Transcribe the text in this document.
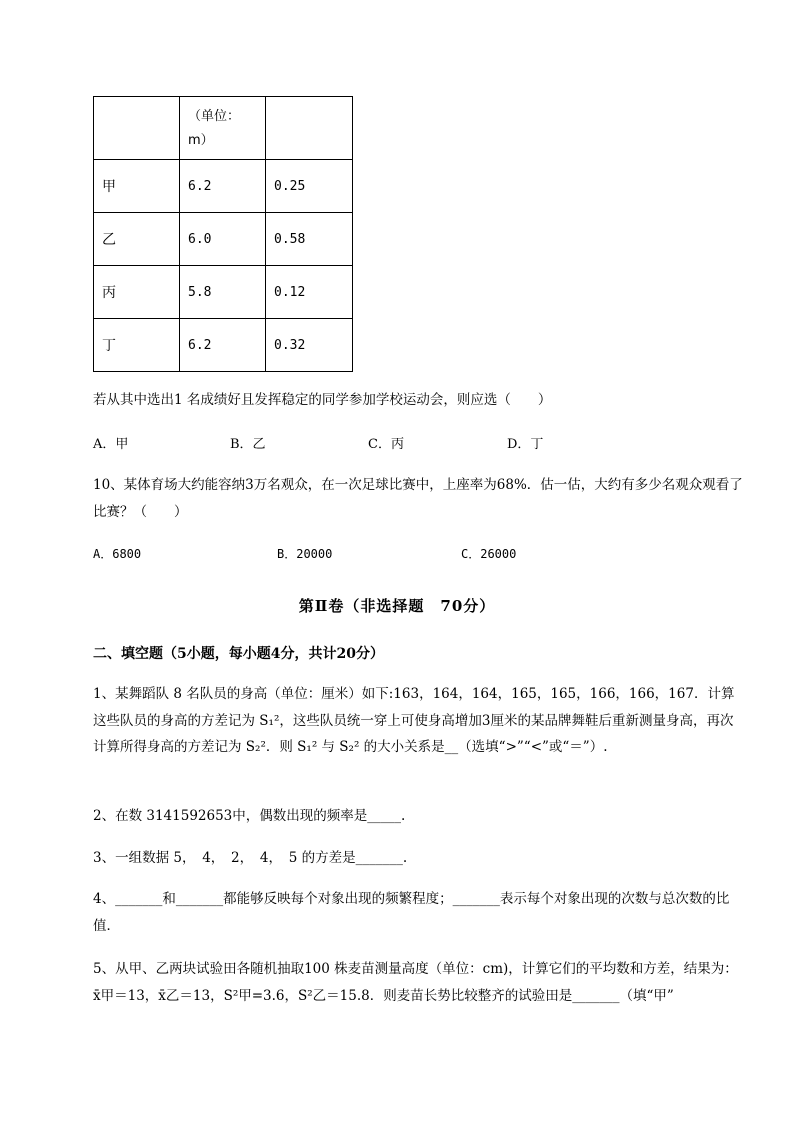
	（单位：m）	
甲	6.2	0.25
乙	6.0	0.58
丙	5.8	0.12
丁	6.2	0.32
若从其中选出1 名成绩好且发挥稳定的同学参加学校运动会，则应选（　　）
A．甲	B．乙	C．丙	D．丁
10、某体育场大约能容纳3万名观众，在一次足球比赛中，上座率为68%．估一估，大约有多少名观众观看了比赛？（　　）
A．6800	B．20000	C．26000
第Ⅱ卷（非选择题　70分）
二、填空题（5小题，每小题4分，共计20分）
1、某舞蹈队 8 名队员的身高（单位：厘米）如下:163，164，164，165，165，166，166，167．计算这些队员的身高的方差记为 S₁²，这些队员统一穿上可使身高增加3厘米的某品牌舞鞋后重新测量身高，再次计算所得身高的方差记为 S₂²．则 S₁² 与 S₂² 的大小关系是__（选填“>”“<”或“＝”）.
2、在数 3141592653中，偶数出现的频率是_____.
3、一组数据 5，　4，　2，　4，　5 的方差是_______.
4、_______和_______都能够反映每个对象出现的频繁程度；_______表示每个对象出现的次数与总次数的比值．
5、从甲、乙两块试验田各随机抽取100 株麦苗测量高度（单位：cm)，计算它们的平均数和方差，结果为：x̄甲＝13，x̄乙＝13，S²甲=3.6，S²乙＝15.8．则麦苗长势比较整齐的试验田是_______（填“甲”
